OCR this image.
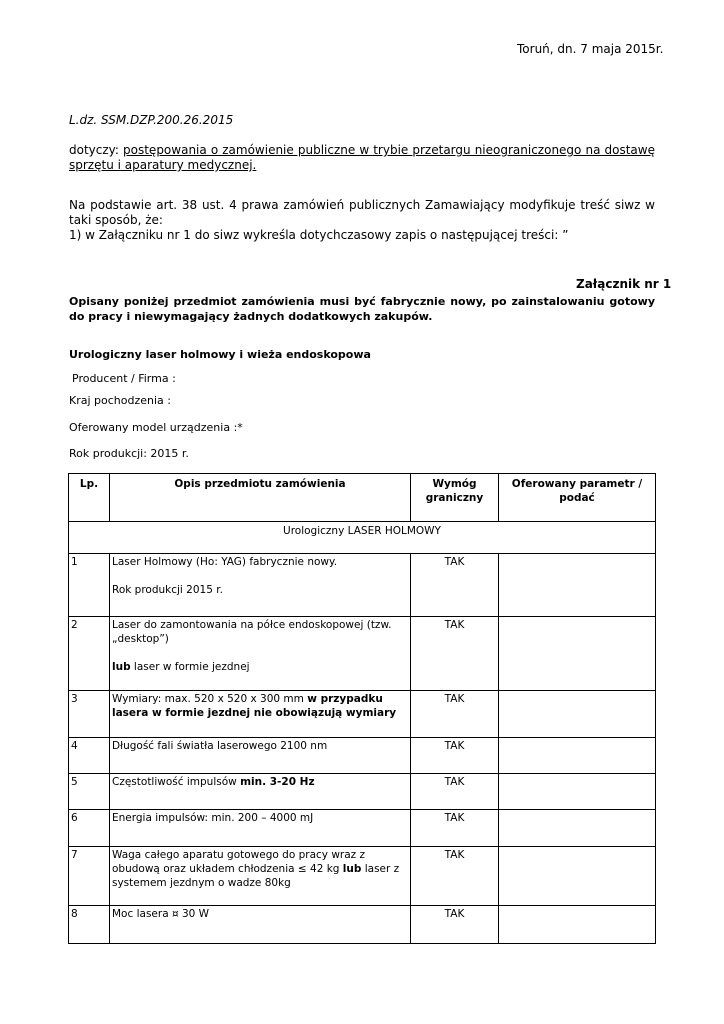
Toruń, dn. 7 maja 2015r.
L.dz. SSM.DZP.200.26.2015
dotyczy: postępowania o zamówienie publiczne w trybie przetargu nieograniczonego na dostawę sprzętu i aparatury medycznej.
Na podstawie art. 38 ust. 4 prawa zamówień publicznych Zamawiający modyfikuje treść siwz w taki sposób, że:
1) w Załączniku nr 1 do siwz wykreśla dotychczasowy zapis o następującej treści: ”
Załącznik nr 1
Opisany poniżej przedmiot zamówienia musi być fabrycznie nowy, po zainstalowaniu gotowy do pracy i niewymagający żadnych dodatkowych zakupów.
Urologiczny laser holmowy i wieża endoskopowa
Producent / Firma :
Kraj pochodzenia :
Oferowany model urządzenia :*
Rok produkcji: 2015 r.
Lp.	Opis przedmiotu zamówienia	Wymóg graniczny	Oferowany parametr / podać
Urologiczny LASER HOLMOWY			
1	Laser Holmowy (Ho: YAG) fabrycznie nowy.
Rok produkcji 2015 r.	TAK	
2	Laser do zamontowania na półce endoskopowej (tzw. „desktop”)
lub laser w formie jezdnej	TAK	
3	Wymiary: max. 520 x 520 x 300 mm w przypadku lasera w formie jezdnej nie obowiązują wymiary	TAK	
4	Długość fali światła laserowego 2100 nm	TAK	
5	Częstotliwość impulsów min. 3-20 Hz	TAK	
6	Energia impulsów: min. 200 – 4000 mJ	TAK	
7	Waga całego aparatu gotowego do pracy wraz z obudową oraz układem chłodzenia ≤ 42 kg lub laser z systemem jezdnym o wadze 80kg	TAK	
8	Moc lasera ¤ 30 W	TAK	
